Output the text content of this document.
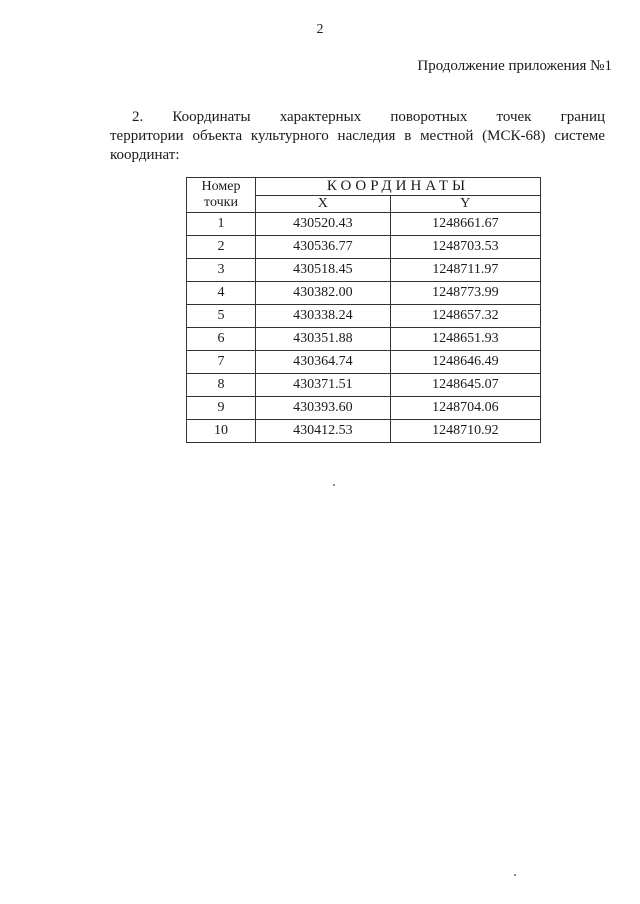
2
Продолжение приложения №1
2. Координаты характерных поворотных точек границ
территории объекта культурного наследия в местной (МСК-68) системе
координат:
Номер
точки	КООРДИНАТЫ	
	X	Y
1	430520.43	1248661.67
2	430536.77	1248703.53
3	430518.45	1248711.97
4	430382.00	1248773.99
5	430338.24	1248657.32
6	430351.88	1248651.93
7	430364.74	1248646.49
8	430371.51	1248645.07
9	430393.60	1248704.06
10	430412.53	1248710.92
